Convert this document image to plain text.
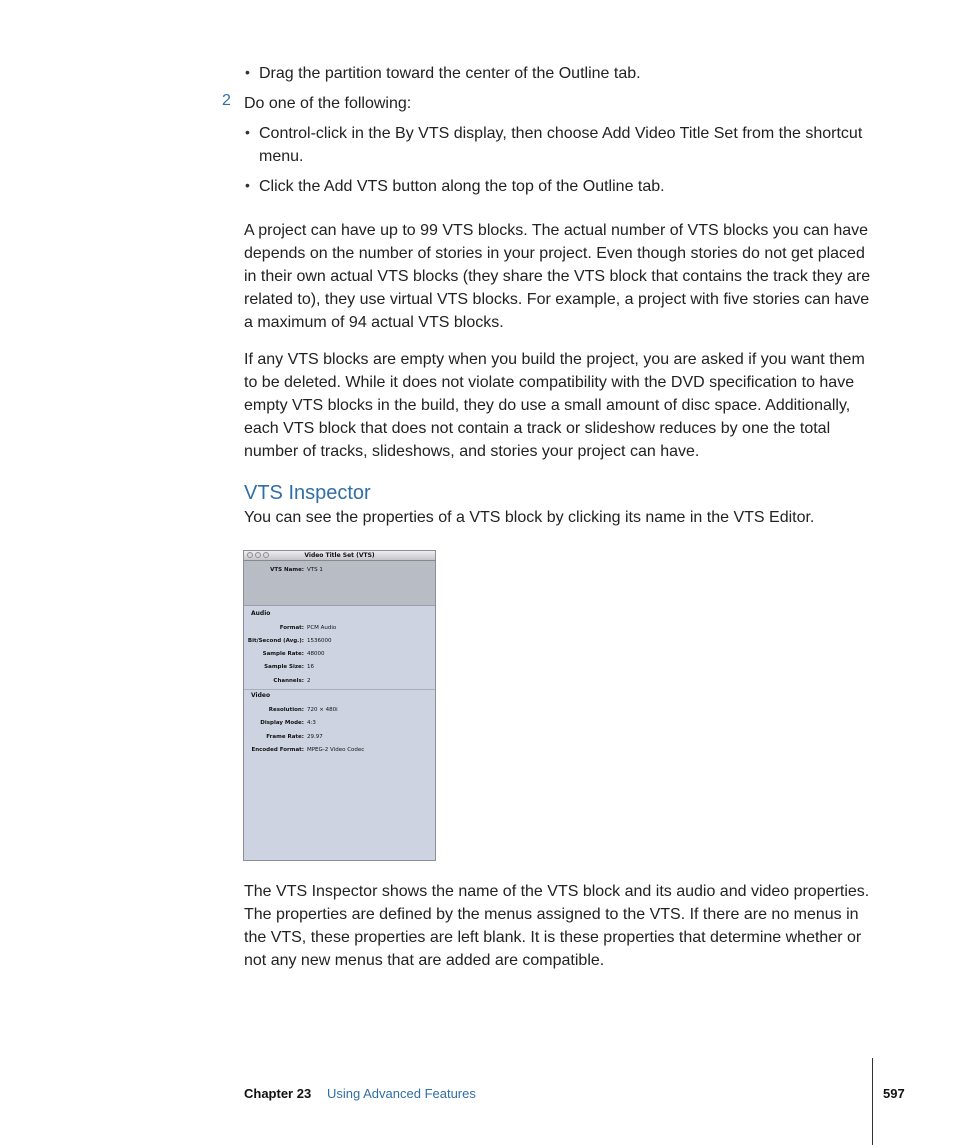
• Drag the partition toward the center of the Outline tab.
2 Do one of the following:
• Control-click in the By VTS display, then choose Add Video Title Set from the shortcut menu.
• Click the Add VTS button along the top of the Outline tab.
A project can have up to 99 VTS blocks. The actual number of VTS blocks you can have depends on the number of stories in your project. Even though stories do not get placed in their own actual VTS blocks (they share the VTS block that contains the track they are related to), they use virtual VTS blocks. For example, a project with five stories can have a maximum of 94 actual VTS blocks.
If any VTS blocks are empty when you build the project, you are asked if you want them to be deleted. While it does not violate compatibility with the DVD specification to have empty VTS blocks in the build, they do use a small amount of disc space. Additionally, each VTS block that does not contain a track or slideshow reduces by one the total number of tracks, slideshows, and stories your project can have.
VTS Inspector
You can see the properties of a VTS block by clicking its name in the VTS Editor.
Video Title Set (VTS)
VTS Name: VTS 1
Audio
Format: PCM Audio
Bit/Second (Avg.): 1536000
Sample Rate: 48000
Sample Size: 16
Channels: 2
Video
Resolution: 720 × 480i
Display Mode: 4:3
Frame Rate: 29.97
Encoded Format: MPEG-2 Video Codec
The VTS Inspector shows the name of the VTS block and its audio and video properties. The properties are defined by the menus assigned to the VTS. If there are no menus in the VTS, these properties are left blank. It is these properties that determine whether or not any new menus that are added are compatible.
Chapter 23 Using Advanced Features	597
